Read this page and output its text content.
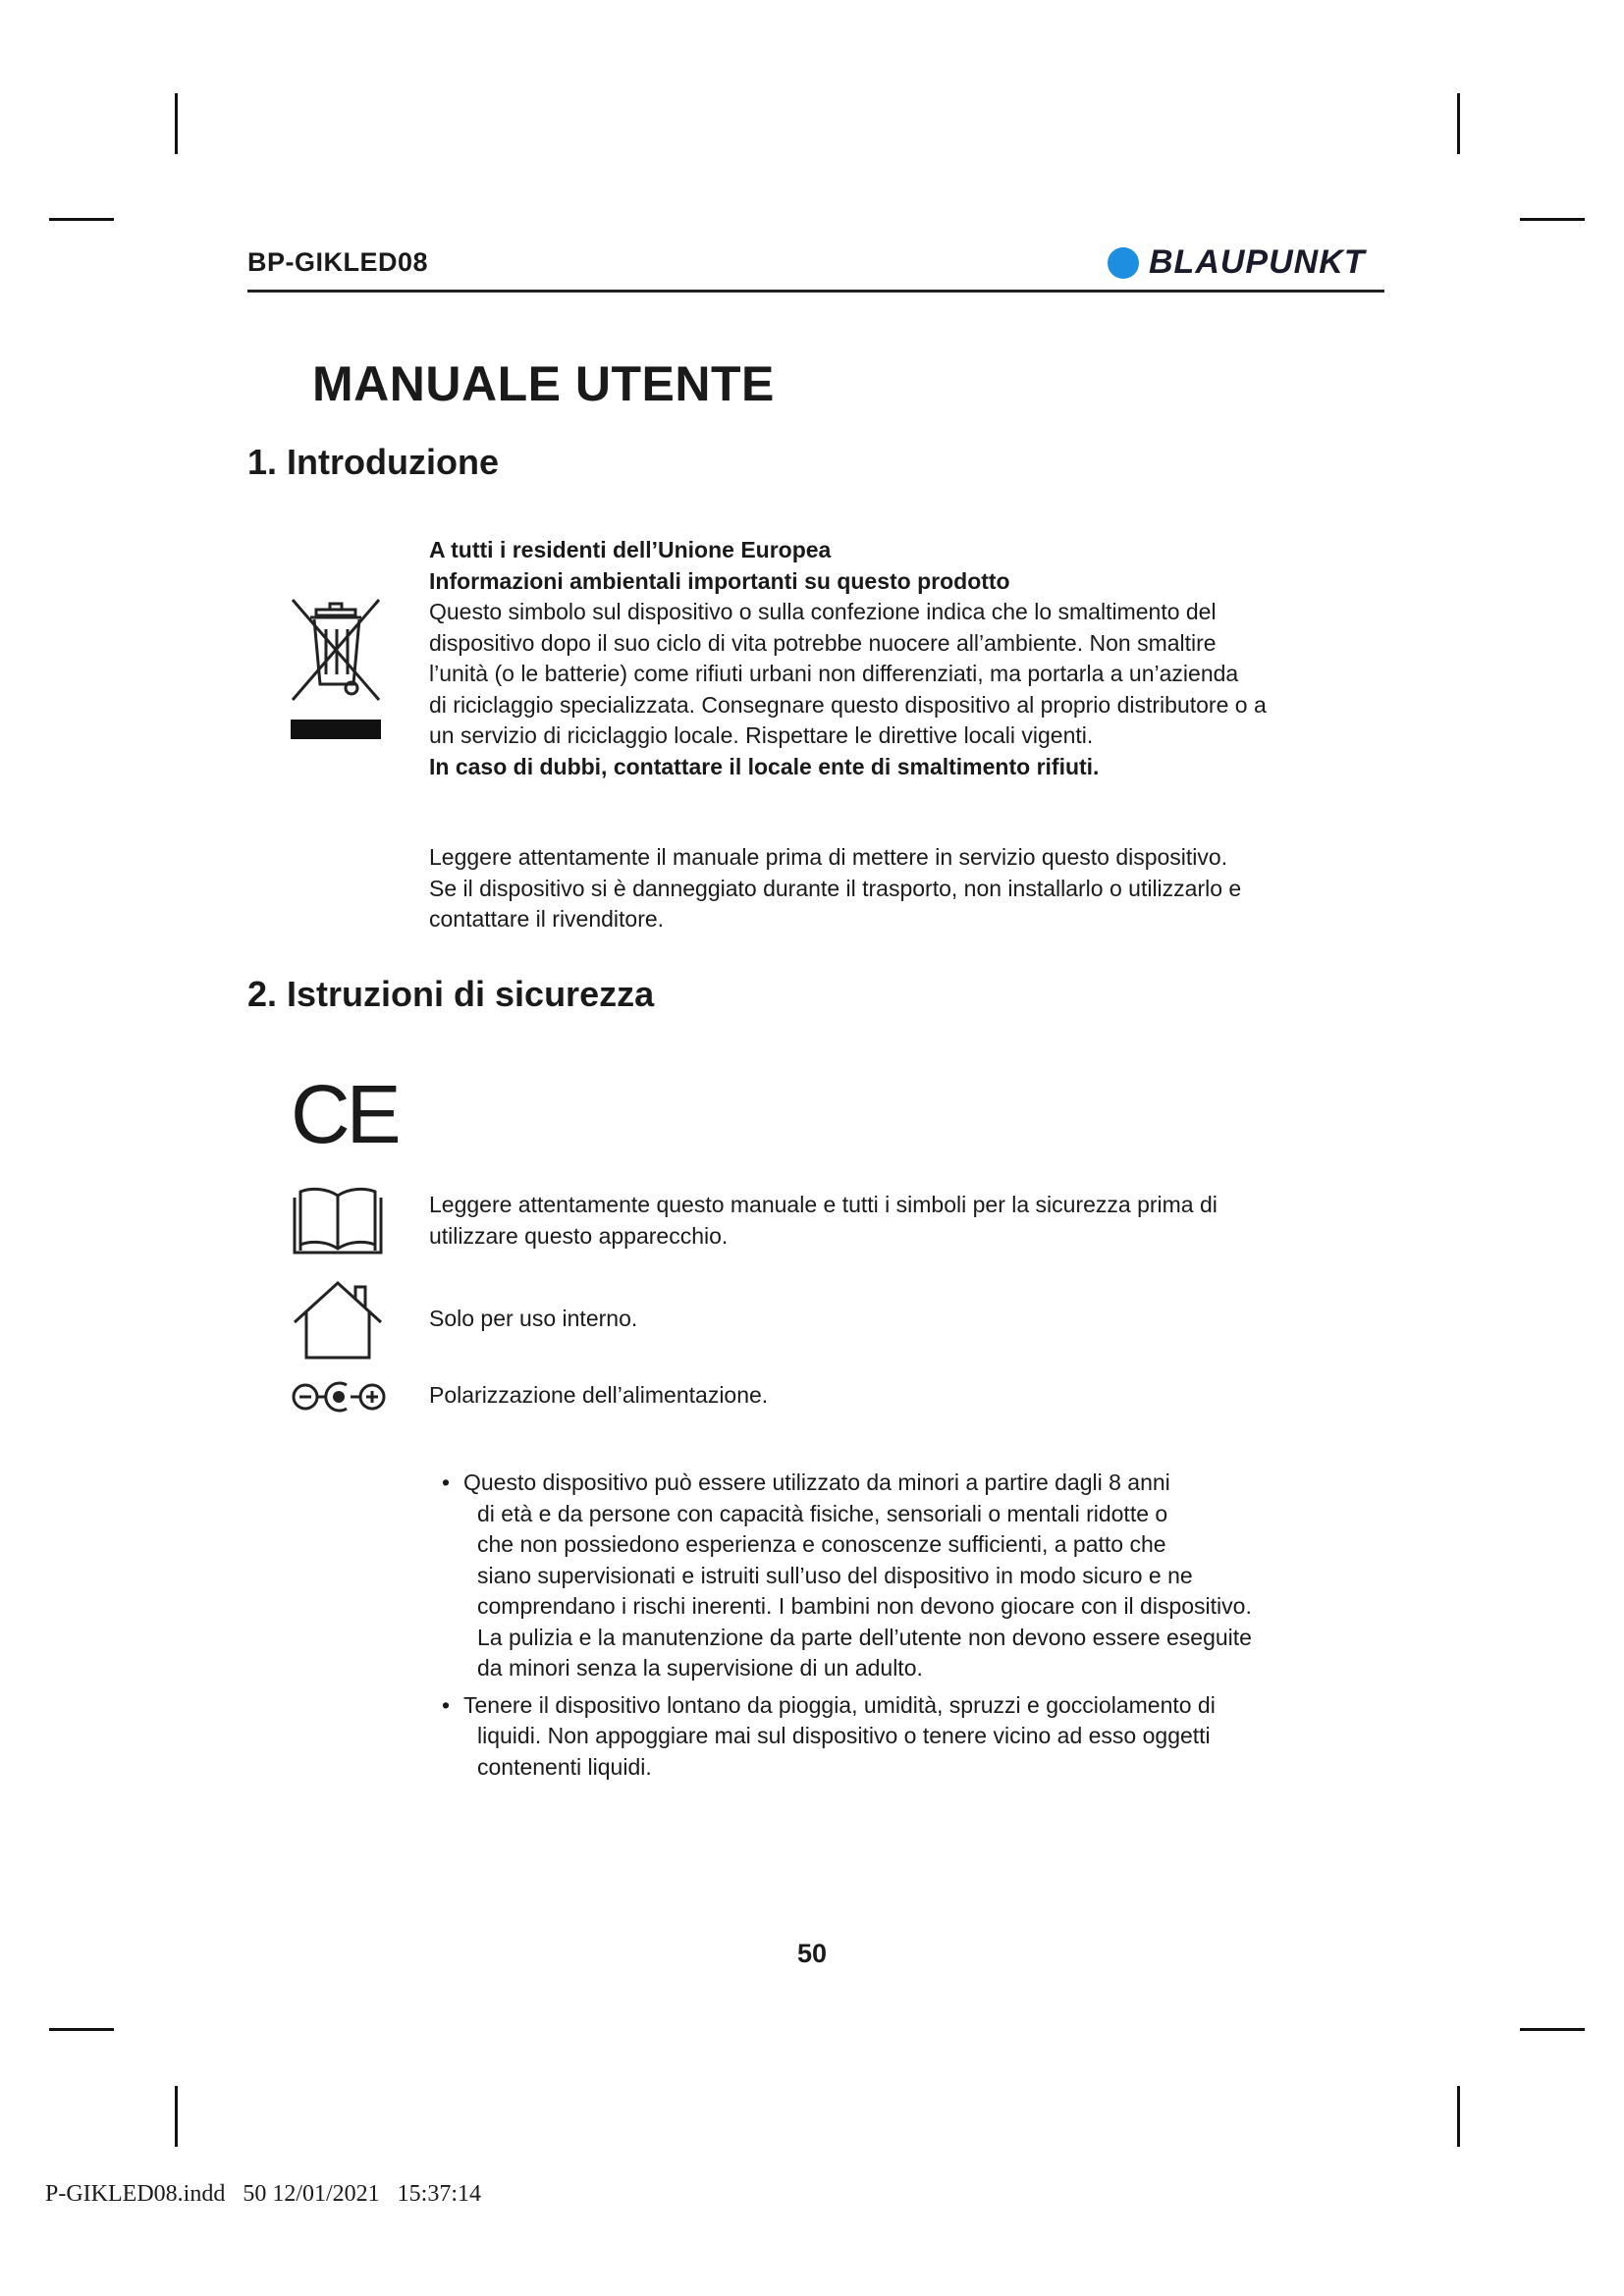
BP-GIKLED08	BLAUPUNKT
MANUALE UTENTE
1. Introduzione

A tutti i residenti dell’Unione Europea

Informazioni ambientali importanti su questo prodotto

Questo simbolo sul dispositivo o sulla confezione indica che lo smaltimento del

dispositivo dopo il suo ciclo di vita potrebbe nuocere all’ambiente. Non smaltire

l’unità (o le batterie) come rifiuti urbani non differenziati, ma portarla a un’azienda

di riciclaggio specializzata. Consegnare questo dispositivo al proprio distributore o a

un servizio di riciclaggio locale. Rispettare le direttive locali vigenti.

In caso di dubbi, contattare il locale ente di smaltimento rifiuti.

Leggere attentamente il manuale prima di mettere in servizio questo dispositivo.

Se il dispositivo si è danneggiato durante il trasporto, non installarlo o utilizzarlo e

contattare il rivenditore.

2. Istruzioni di sicurezza
CE

Leggere attentamente questo manuale e tutti i simboli per la sicurezza prima di

utilizzare questo apparecchio.

Solo per uso interno.
Polarizzazione dell’alimentazione.
• Questo dispositivo può essere utilizzato da minori a partire dagli 8 anni
di età e da persone con capacità fisiche, sensoriali o mentali ridotte o
che non possiedono esperienza e conoscenze sufficienti, a patto che
siano supervisionati e istruiti sull’uso del dispositivo in modo sicuro e ne
comprendano i rischi inerenti. I bambini non devono giocare con il dispositivo.
La pulizia e la manutenzione da parte dell’utente non devono essere eseguite
da minori senza la supervisione di un adulto.
• Tenere il dispositivo lontano da pioggia, umidità, spruzzi e gocciolamento di
liquidi. Non appoggiare mai sul dispositivo o tenere vicino ad esso oggetti
contenenti liquidi.
50
P-GIKLED08.indd   50 12/01/2021   15:37:14
